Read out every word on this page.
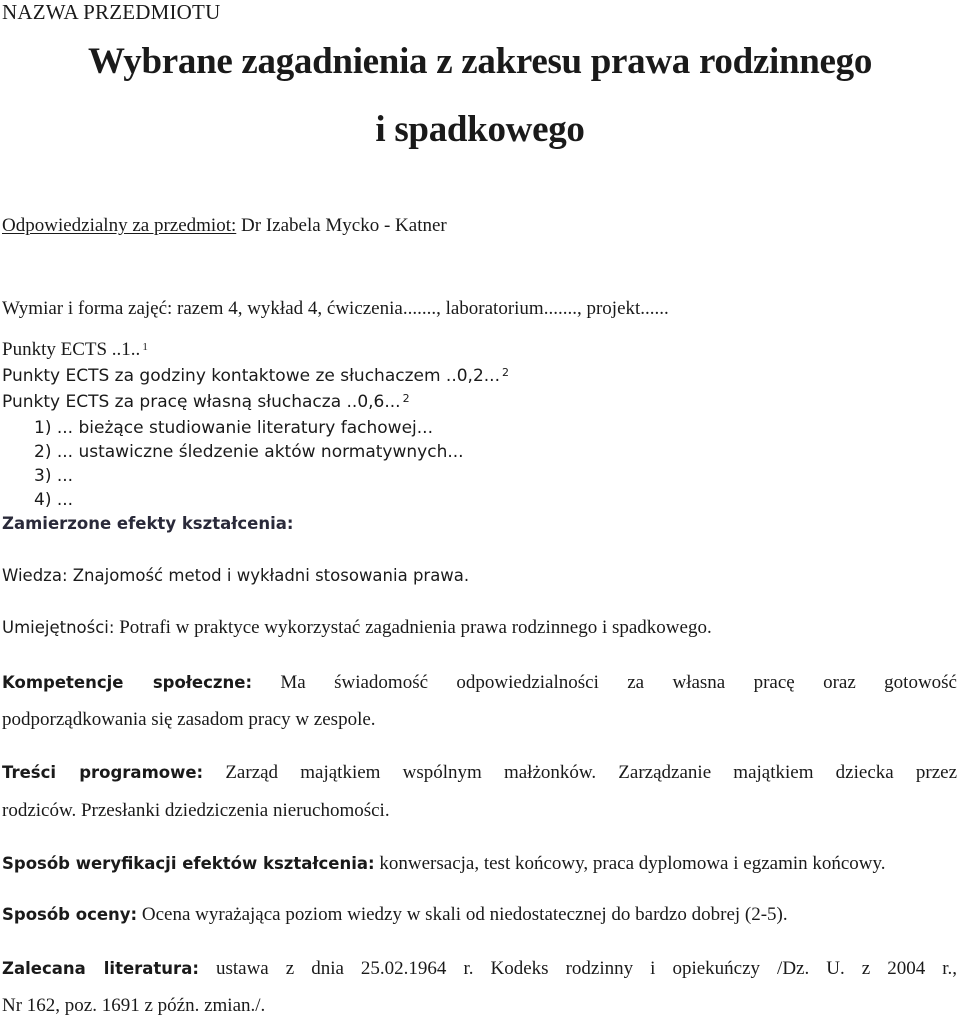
NAZWA PRZEDMIOTU
Wybrane zagadnienia z zakresu prawa rodzinnego
i spadkowego
Odpowiedzialny za przedmiot: Dr Izabela Mycko - Katner
Wymiar i forma zajęć: razem 4, wykład 4, ćwiczenia......., laboratorium......., projekt......
Punkty ECTS ..1.. $^1$
Punkty ECTS za godziny kontaktowe ze słuchaczem ..0,2... $^2$
Punkty ECTS za pracę własną słuchacza ..0,6... $^2$
1) ... bieżące studiowanie literatury fachowej...
2) ... ustawiczne śledzenie aktów normatywnych...
3) ...
4) ...
Zamierzone efekty kształcenia:
Wiedza: Znajomość metod i wykładni stosowania prawa.
Umiejętności: Potrafi w praktyce wykorzystać zagadnienia prawa rodzinnego i spadkowego.
Kompetencje społeczne: Ma świadomość odpowiedzialności za własna pracę oraz gotowość
podporządkowania się zasadom pracy w zespole.
Treści programowe: Zarząd majątkiem wspólnym małżonków. Zarządzanie majątkiem dziecka przez
rodziców. Przesłanki dziedziczenia nieruchomości.
Sposób weryfikacji efektów kształcenia: konwersacja, test końcowy, praca dyplomowa i egzamin końcowy.
Sposób oceny: Ocena wyrażająca poziom wiedzy w skali od niedostatecznej do bardzo dobrej (2-5).
Zalecana literatura: ustawa z dnia 25.02.1964 r. Kodeks rodzinny i opiekuńczy /Dz. U. z 2004 r.,
Nr 162, poz. 1691 z późn. zmian./.
